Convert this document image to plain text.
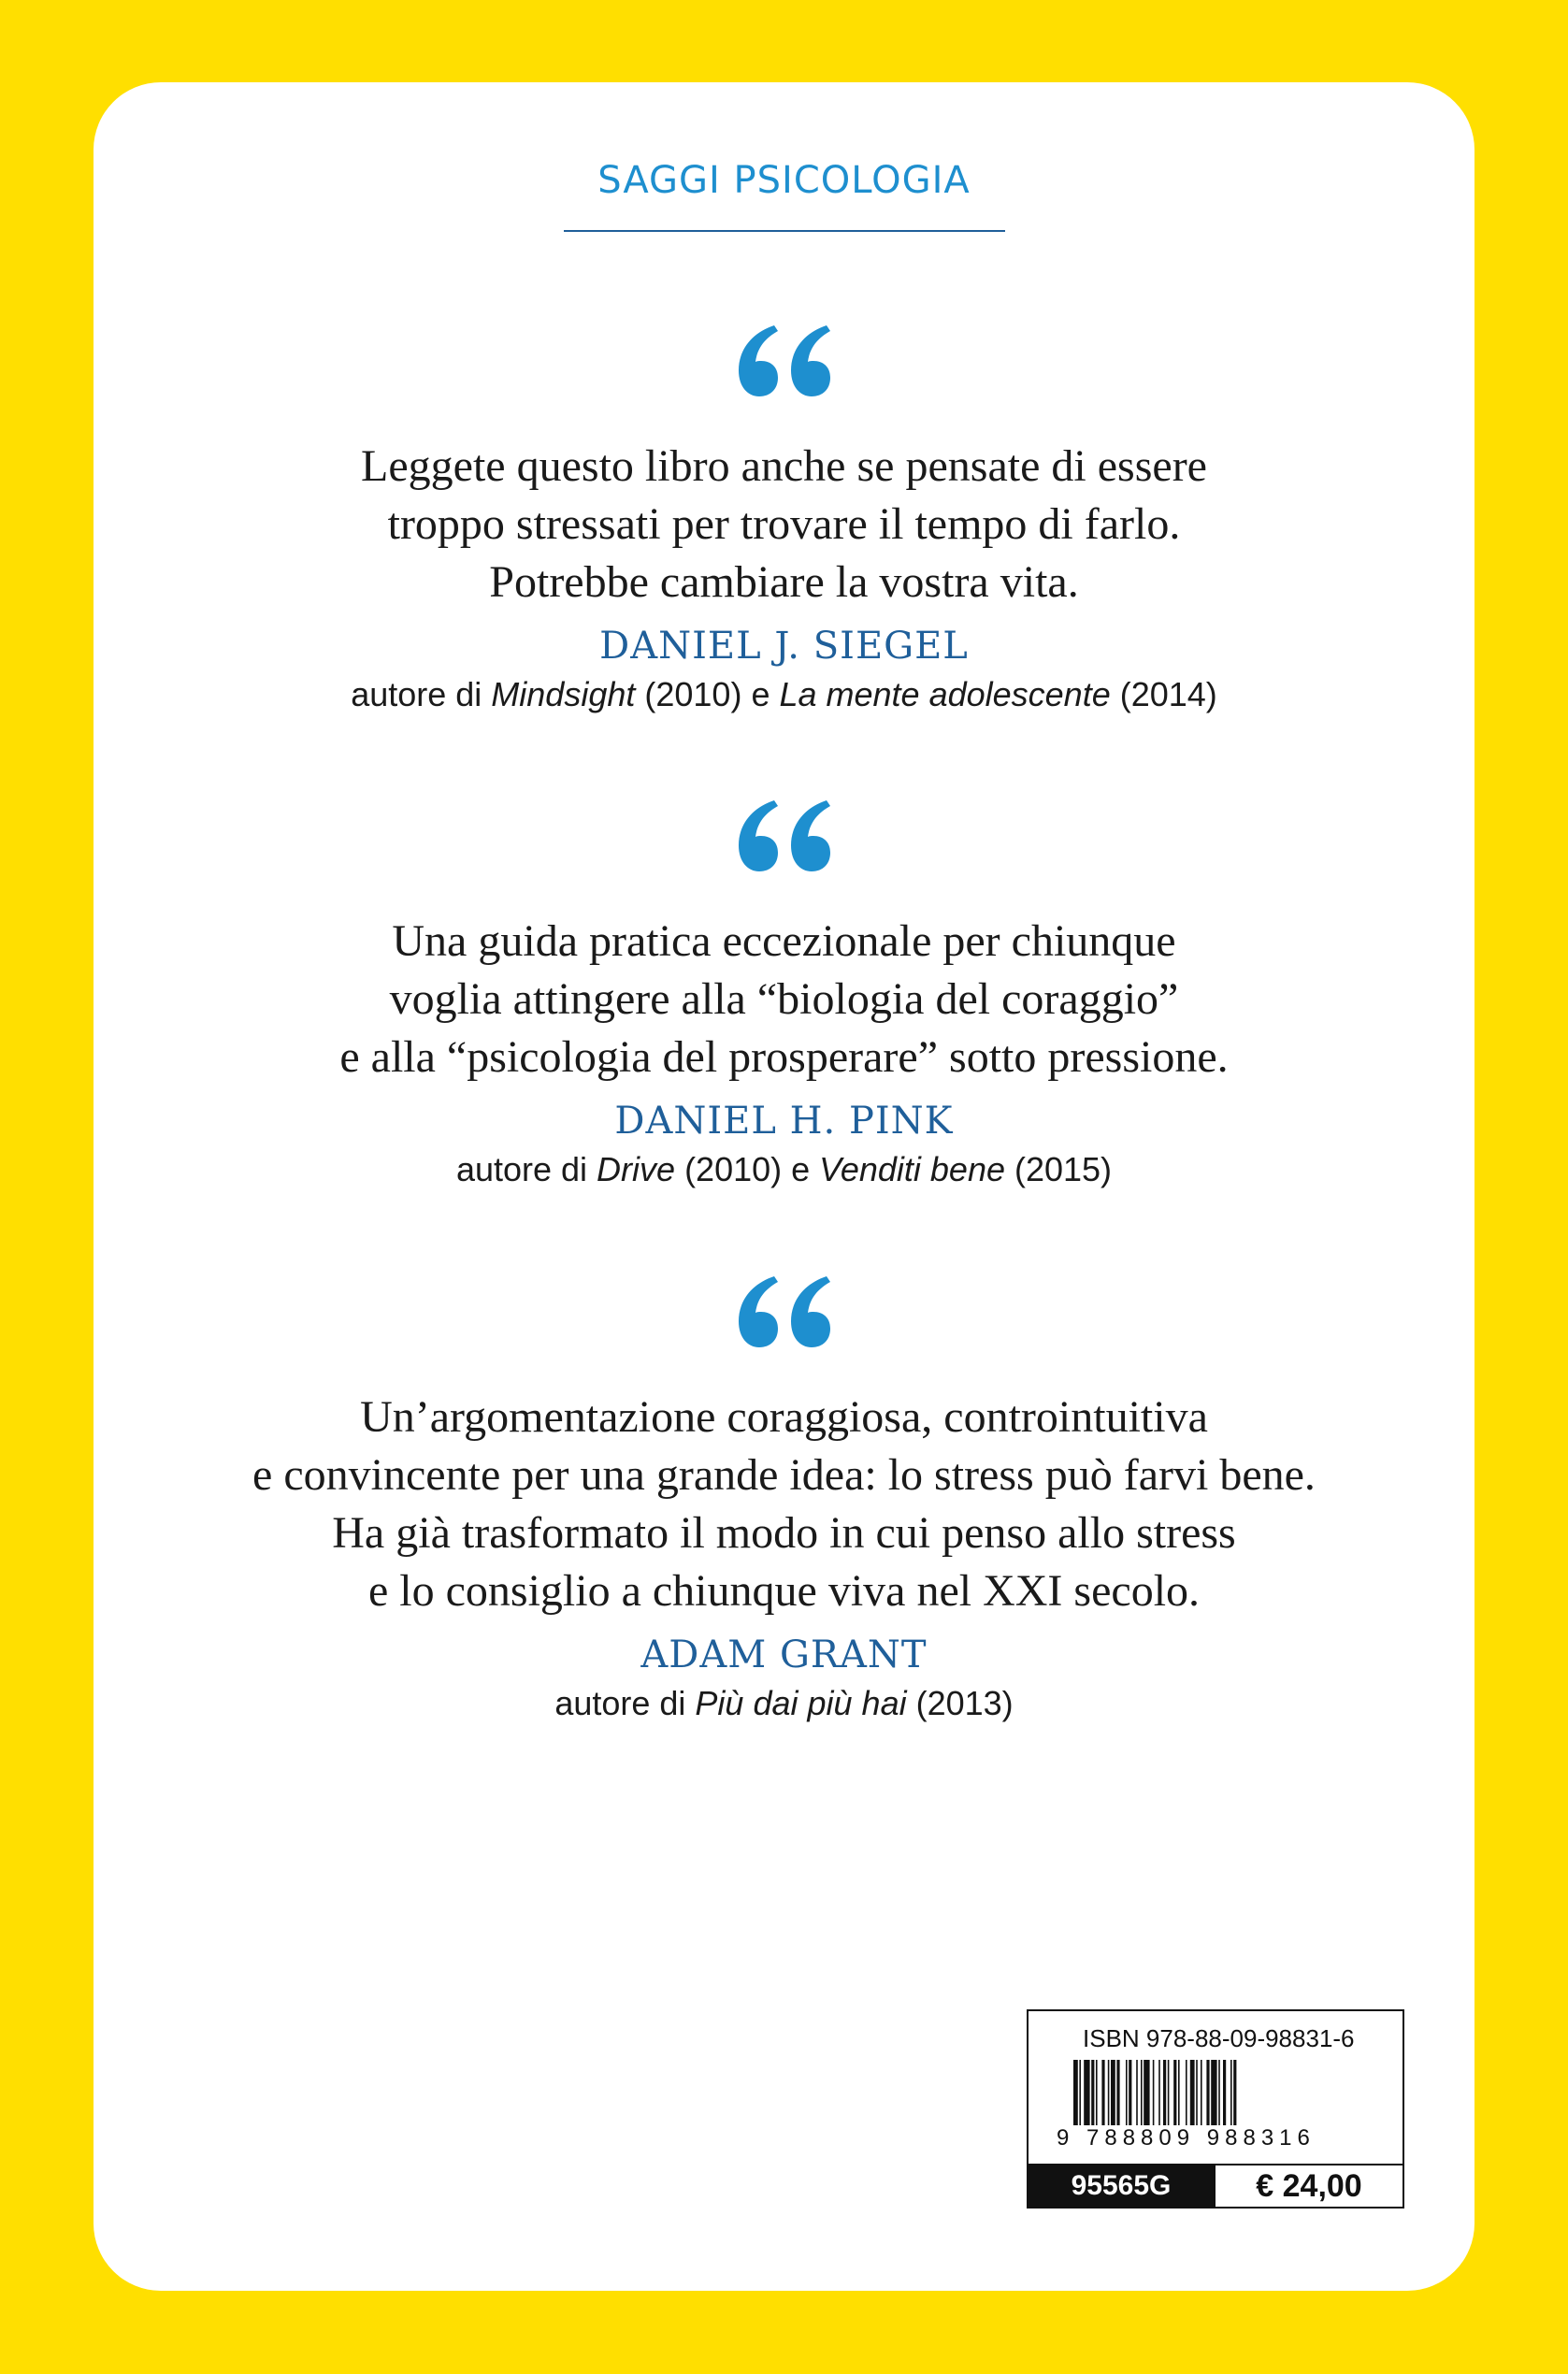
SAGGI PSICOLOGIA
Leggete questo libro anche se pensate di essere
troppo stressati per trovare il tempo di farlo.
Potrebbe cambiare la vostra vita.
DANIEL J. SIEGEL
autore di Mindsight (2010) e La mente adolescente (2014)
Una guida pratica eccezionale per chiunque
voglia attingere alla “biologia del coraggio”
e alla “psicologia del prosperare” sotto pressione.
DANIEL H. PINK
autore di Drive (2010) e Venditi bene (2015)
Un’argomentazione coraggiosa, controintuitiva
e convincente per una grande idea: lo stress può farvi bene.
Ha già trasformato il modo in cui penso allo stress
e lo consiglio a chiunque viva nel XXI secolo.
ADAM GRANT
autore di Più dai più hai (2013)
ISBN 978-88-09-98831-6
9 788809 988316
95565G	€ 24,00
